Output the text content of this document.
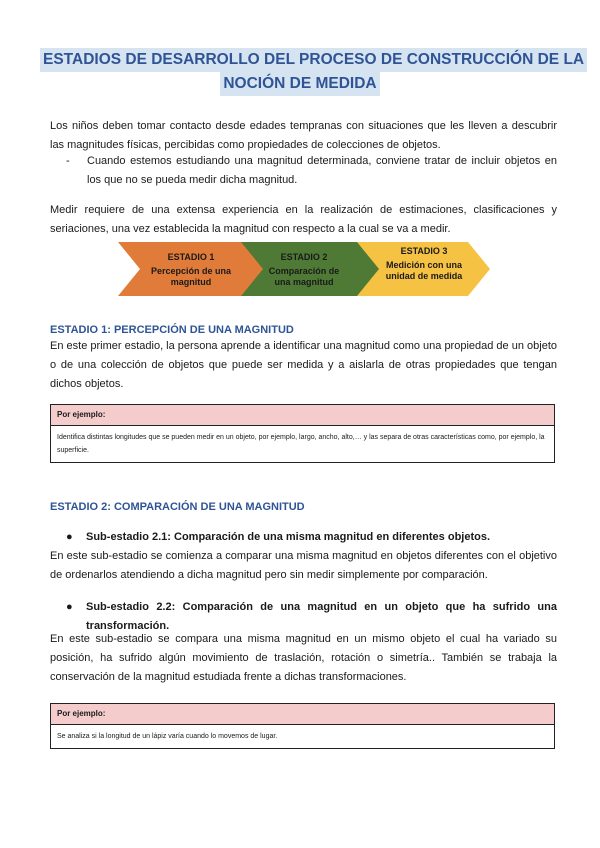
ESTADIOS DE DESARROLLO DEL PROCESO DE CONSTRUCCIÓN DE LA
NOCIÓN DE MEDIDA
Los niños deben tomar contacto desde edades tempranas con situaciones que les lleven a descubrir las magnitudes físicas, percibidas como propiedades de colecciones de objetos.
- Cuando estemos estudiando una magnitud determinada, conviene tratar de incluir objetos en los que no se pueda medir dicha magnitud.
Medir requiere de una extensa experiencia en la realización de estimaciones, clasificaciones y seriaciones, una vez establecida la magnitud con respecto a la cual se va a medir.
ESTADIO 1
Percepción de una magnitud
ESTADIO 2
Comparación de una magnitud
ESTADIO 3
Medición con una unidad de medida
ESTADIO 1: PERCEPCIÓN DE UNA MAGNITUD
En este primer estadio, la persona aprende a identificar una magnitud como una propiedad de un objeto o de una colección de objetos que puede ser medida y a aislarla de otras propiedades que tengan dichos objetos.
Por ejemplo:
Identifica distintas longitudes que se pueden medir en un objeto, por ejemplo, largo, ancho, alto,… y las separa de otras características como, por ejemplo, la superficie.
ESTADIO 2: COMPARACIÓN DE UNA MAGNITUD
● Sub-estadio 2.1: Comparación de una misma magnitud en diferentes objetos.
En este sub-estadio se comienza a comparar una misma magnitud en objetos diferentes con el objetivo de ordenarlos atendiendo a dicha magnitud pero sin medir simplemente por comparación.
● Sub-estadio 2.2: Comparación de una magnitud en un objeto que ha sufrido una transformación.
En este sub-estadio se compara una misma magnitud en un mismo objeto el cual ha variado su posición, ha sufrido algún movimiento de traslación, rotación o simetría.. También se trabaja la conservación de la magnitud estudiada frente a dichas transformaciones.
Por ejemplo:
Se analiza si la longitud de un lápiz varía cuando lo movemos de lugar.
